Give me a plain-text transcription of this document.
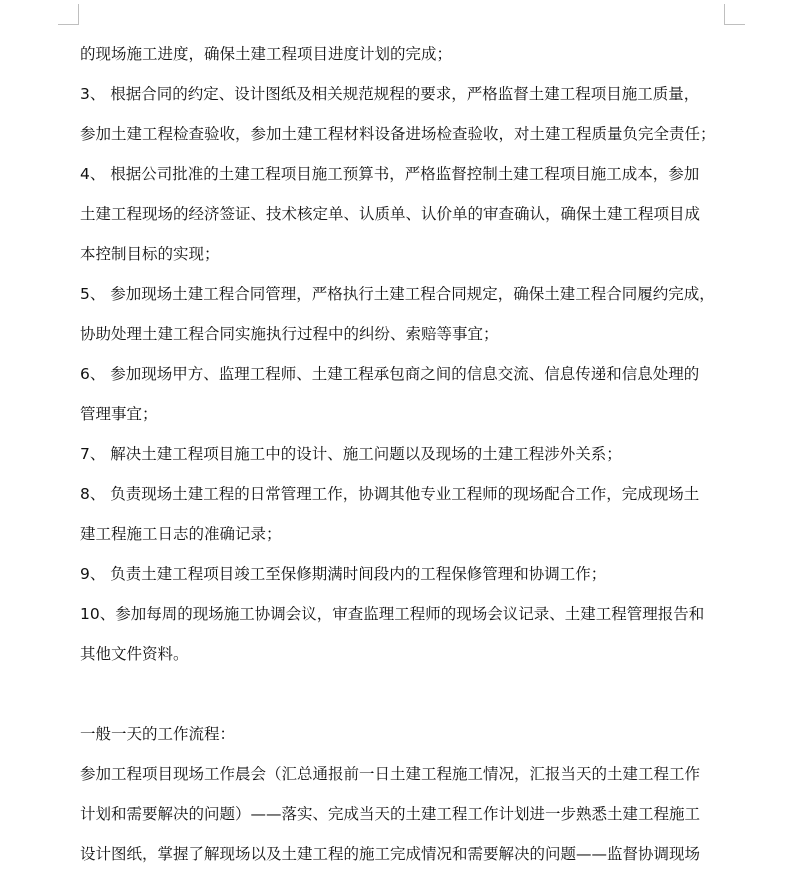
的现场施工进度，确保土建工程项目进度计划的完成；
3、 根据合同的约定、设计图纸及相关规范规程的要求，严格监督土建工程项目施工质量，
参加土建工程检查验收，参加土建工程材料设备进场检查验收，对土建工程质量负完全责任；
4、 根据公司批准的土建工程项目施工预算书，严格监督控制土建工程项目施工成本，参加
土建工程现场的经济签证、技术核定单、认质单、认价单的审查确认，确保土建工程项目成
本控制目标的实现；
5、 参加现场土建工程合同管理，严格执行土建工程合同规定，确保土建工程合同履约完成，
协助处理土建工程合同实施执行过程中的纠纷、索赔等事宜；
6、 参加现场甲方、监理工程师、土建工程承包商之间的信息交流、信息传递和信息处理的
管理事宜；
7、 解决土建工程项目施工中的设计、施工问题以及现场的土建工程涉外关系；
8、 负责现场土建工程的日常管理工作，协调其他专业工程师的现场配合工作，完成现场土
建工程施工日志的准确记录；
9、 负责土建工程项目竣工至保修期满时间段内的工程保修管理和协调工作；
10、参加每周的现场施工协调会议，审查监理工程师的现场会议记录、土建工程管理报告和
其他文件资料。
一般一天的工作流程：
参加工程项目现场工作晨会（汇总通报前一日土建工程施工情况，汇报当天的土建工程工作
计划和需要解决的问题）——落实、完成当天的土建工程工作计划进一步熟悉土建工程施工
设计图纸，掌握了解现场以及土建工程的施工完成情况和需要解决的问题——监督协调现场
